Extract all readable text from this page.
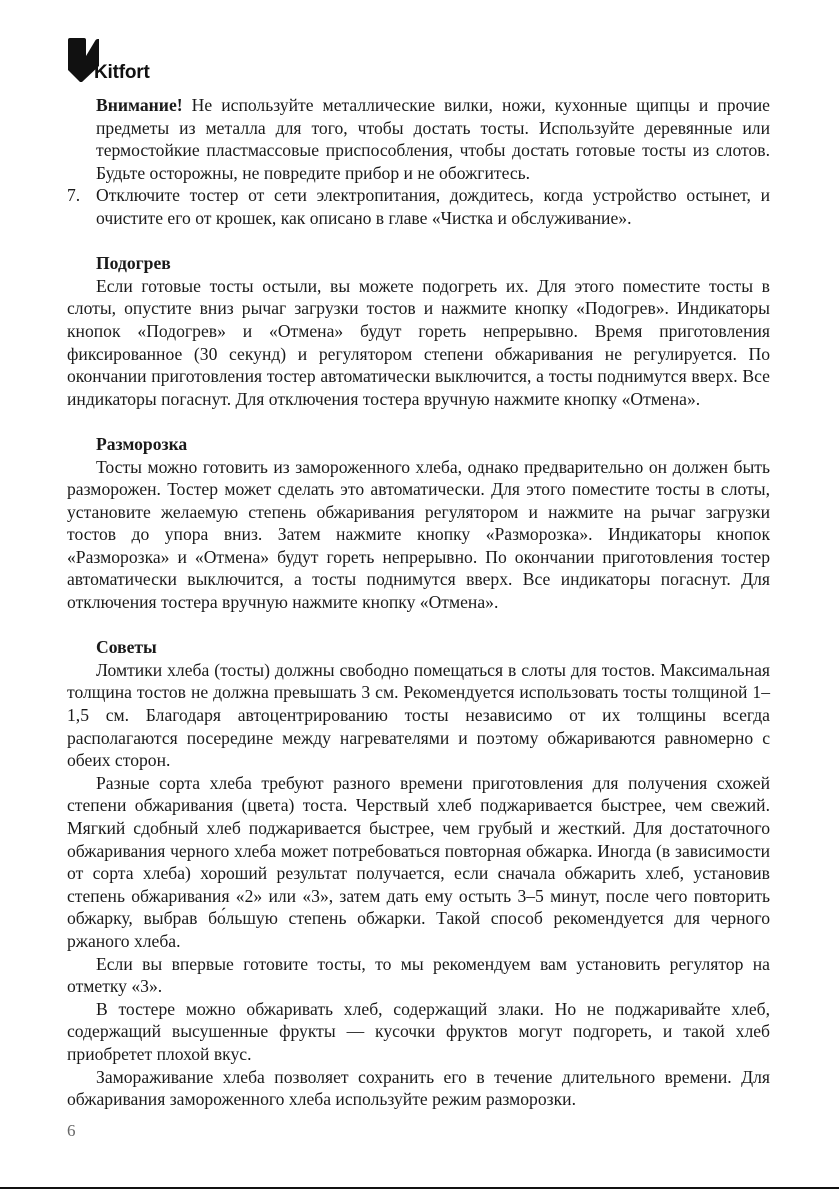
Kitfort

Внимание! Не используйте металлические вилки, ножи, кухонные щипцы и прочие предметы из металла для того, чтобы достать тосты. Используйте деревянные или термостойкие пластмассовые приспособления, чтобы достать готовые тосты из слотов. Будьте осторожны, не повредите прибор и не обожгитесь.

7. Отключите тостер от сети электропитания, дождитесь, когда устройство остынет, и очистите его от крошек, как описано в главе «Чистка и обслуживание».

Подогрев

Если готовые тосты остыли, вы можете подогреть их. Для этого поместите тосты в слоты, опустите вниз рычаг загрузки тостов и нажмите кнопку «Подогрев». Индикаторы кнопок «Подогрев» и «Отмена» будут гореть непрерывно. Время приготовления фиксированное (30 секунд) и регулятором степени обжаривания не регулируется. По окончании приготовления тостер автоматически выключится, а тосты поднимутся вверх. Все индикаторы погаснут. Для отключения тостера вручную нажмите кнопку «Отмена».

Разморозка

Тосты можно готовить из замороженного хлеба, однако предварительно он должен быть разморожен. Тостер может сделать это автоматически. Для этого поместите тосты в слоты, установите желаемую степень обжаривания регулятором и нажмите на рычаг загрузки тостов до упора вниз. Затем нажмите кнопку «Разморозка». Индикаторы кнопок «Разморозка» и «Отмена» будут гореть непрерывно. По окончании приготовления тостер автоматически выключится, а тосты поднимутся вверх. Все индикаторы погаснут. Для отключения тостера вручную нажмите кнопку «Отмена».

Советы

Ломтики хлеба (тосты) должны свободно помещаться в слоты для тостов. Максимальная толщина тостов не должна превышать 3 см. Рекомендуется использовать тосты толщиной 1–1,5 см. Благодаря автоцентрированию тосты независимо от их толщины всегда располагаются посередине между нагревателями и поэтому обжариваются равномерно с обеих сторон.

Разные сорта хлеба требуют разного времени приготовления для получения схожей степени обжаривания (цвета) тоста. Черствый хлеб поджаривается быстрее, чем свежий. Мягкий сдобный хлеб поджаривается быстрее, чем грубый и жесткий. Для достаточного обжаривания черного хлеба может потребоваться повторная обжарка. Иногда (в зависимости от сорта хлеба) хороший результат получается, если сначала обжарить хлеб, установив степень обжаривания «2» или «3», затем дать ему остыть 3–5 минут, после чего повторить обжарку, выбрав бо́льшую степень обжарки. Такой способ рекомендуется для черного ржаного хлеба.

Если вы впервые готовите тосты, то мы рекомендуем вам установить регулятор на отметку «3».

В тостере можно обжаривать хлеб, содержащий злаки. Но не поджаривайте хлеб, содержащий высушенные фрукты — кусочки фруктов могут подгореть, и такой хлеб приобретет плохой вкус.

Замораживание хлеба позволяет сохранить его в течение длительного времени. Для обжаривания замороженного хлеба используйте режим разморозки.

6
